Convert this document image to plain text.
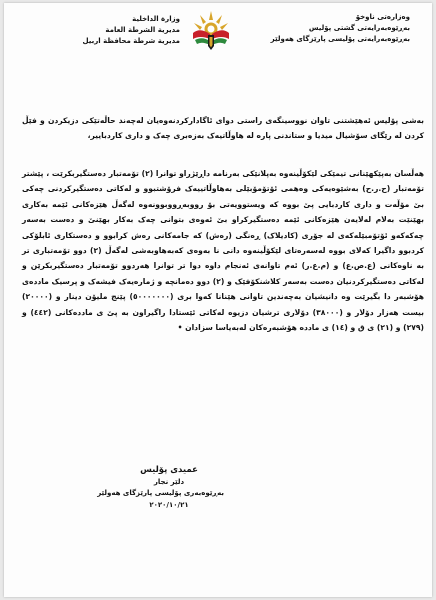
وەزارەتی ناوخۆ
بەڕێوەبەرایەتی گشتی پۆلیس
بەڕێوەبەرایەتی پۆلیسی پارێزگای هەولێر
وزارة الداخلية
مديرية الشرطة العامة
مديرية شرطة محافظة اربيل
بەشی پۆلیس ئەهێشتنی تاوان نووسینگەی راستی دوای ئاگادارکردنەوەیان لەچەند حاڵەتێکی دزیکردن و فێڵ کردن لە رێگای سۆشیال میدیا و ستاندنی پارە لە هاوڵاتیەک بەزەبری چەک و داری کاردباییر،
هەڵسان بەپێکهێنانی تیمێکی لێکۆڵینەوە بەپلانێکی بەرنامە داڕێژراو توانرا (٢) تۆمەتبار دەستگیربکرێت ، پێشتر تۆمەتبار (ح.ر.ح) بەشێوەیەکی وەهمی ئۆتۆمۆبێلی بەهاوڵاتییەک فرۆشتبوو و لەکاتی دەستگیرکردنی چەکی بێ مۆڵەت و داری کاردبایی پێ بووە کە ویستوویەتی بۆ رووبەڕووبوونەوە لەگەڵ هێزەکانی ئێمە بەکاری بهێنێت بەلام لەلایەن هێزەکانی ئێمە دەستگیرکراو بێ ئەوەی بتوانی چەک بەکار بهێنێ و دەست بەسەر چەکەکەو ئۆتۆمبێلەکەی لە جۆری (کادیلاک) ڕەنگی (رەش) کە جامەکانی رەش کرابوو و دەستکاری ئابلۆکی کردبوو داگیرا کەلای بووە لەسەرەتای لێکۆڵینەوە دانی نا بەوەی کەبەهاوبەشی لەگەڵ (٢) دوو تۆمەتباری تر بە ناوەکانی (ع.ص.ع) و (م.ع.ر) ئەم تاوانەی ئەنجام داوە دوا تر توانرا هەردوو تۆمەتبار دەستگیربکرێن و لەکاتی دەستگیرکردنیان دەست بەسەر کلاشنکۆفێک و (٢) دوو دەمانچە و ژمارەیەک فیشەک و پرسیک ماددەی هۆشبەر دا بگیرێت وە دانیشیان بەچەندین تاوانی هێنانا کەوا بری (٥٠٠٠٠٠٠٠) پێنج ملیۆن دینار و (٢٠٠٠٠) بیست هەزار دۆلار و (٣٨٠٠٠) دۆلاری ترشیان دزیوە لەکاتی ئێستادا راگیراون بە پێ ی ماددەکانی (٤٤٢) و (٢٧٩) و (٢١) ی ق و (١٤) ی ماددە هۆشبەرەکان لەبەیاسا سزادان •
عمیدی پۆلیس
دلێر نجار
بەڕێوەبەری پۆلیسی پارێزگای هەولێر
٢٠٢٠/١٠/٢١
